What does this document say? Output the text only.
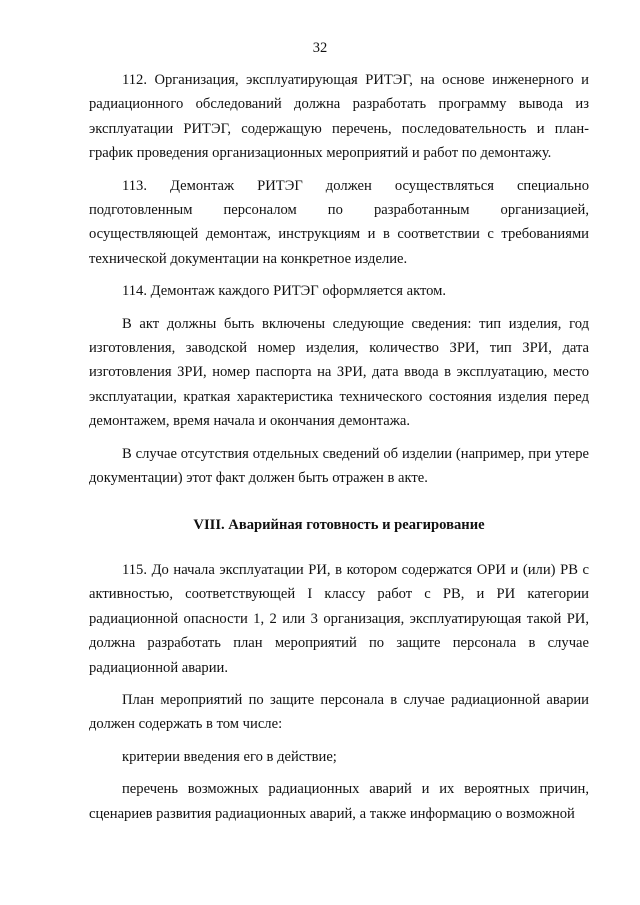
32

112. Организация, эксплуатирующая РИТЭГ, на основе инженерного и радиационного обследований должна разработать программу вывода из эксплуатации РИТЭГ, содержащую перечень, последовательность и план-график проведения организационных мероприятий и работ по демонтажу.

113. Демонтаж РИТЭГ должен осуществляться специально подготовленным персоналом по разработанным организацией, осуществляющей демонтаж, инструкциям и в соответствии с требованиями технической документации на конкретное изделие.

114. Демонтаж каждого РИТЭГ оформляется актом.

В акт должны быть включены следующие сведения: тип изделия, год изготовления, заводской номер изделия, количество ЗРИ, тип ЗРИ, дата изготовления ЗРИ, номер паспорта на ЗРИ, дата ввода в эксплуатацию, место эксплуатации, краткая характеристика технического состояния изделия перед демонтажем, время начала и окончания демонтажа.

В случае отсутствия отдельных сведений об изделии (например, при утере документации) этот факт должен быть отражен в акте.

VIII. Аварийная готовность и реагирование

115. До начала эксплуатации РИ, в котором содержатся ОРИ и (или) РВ с активностью, соответствующей I классу работ с РВ, и РИ категории радиационной опасности 1, 2 или 3 организация, эксплуатирующая такой РИ, должна разработать план мероприятий по защите персонала в случае радиационной аварии.

План мероприятий по защите персонала в случае радиационной аварии должен содержать в том числе:

критерии введения его в действие;

перечень возможных радиационных аварий и их вероятных причин, сценариев развития радиационных аварий, а также информацию о возможной
